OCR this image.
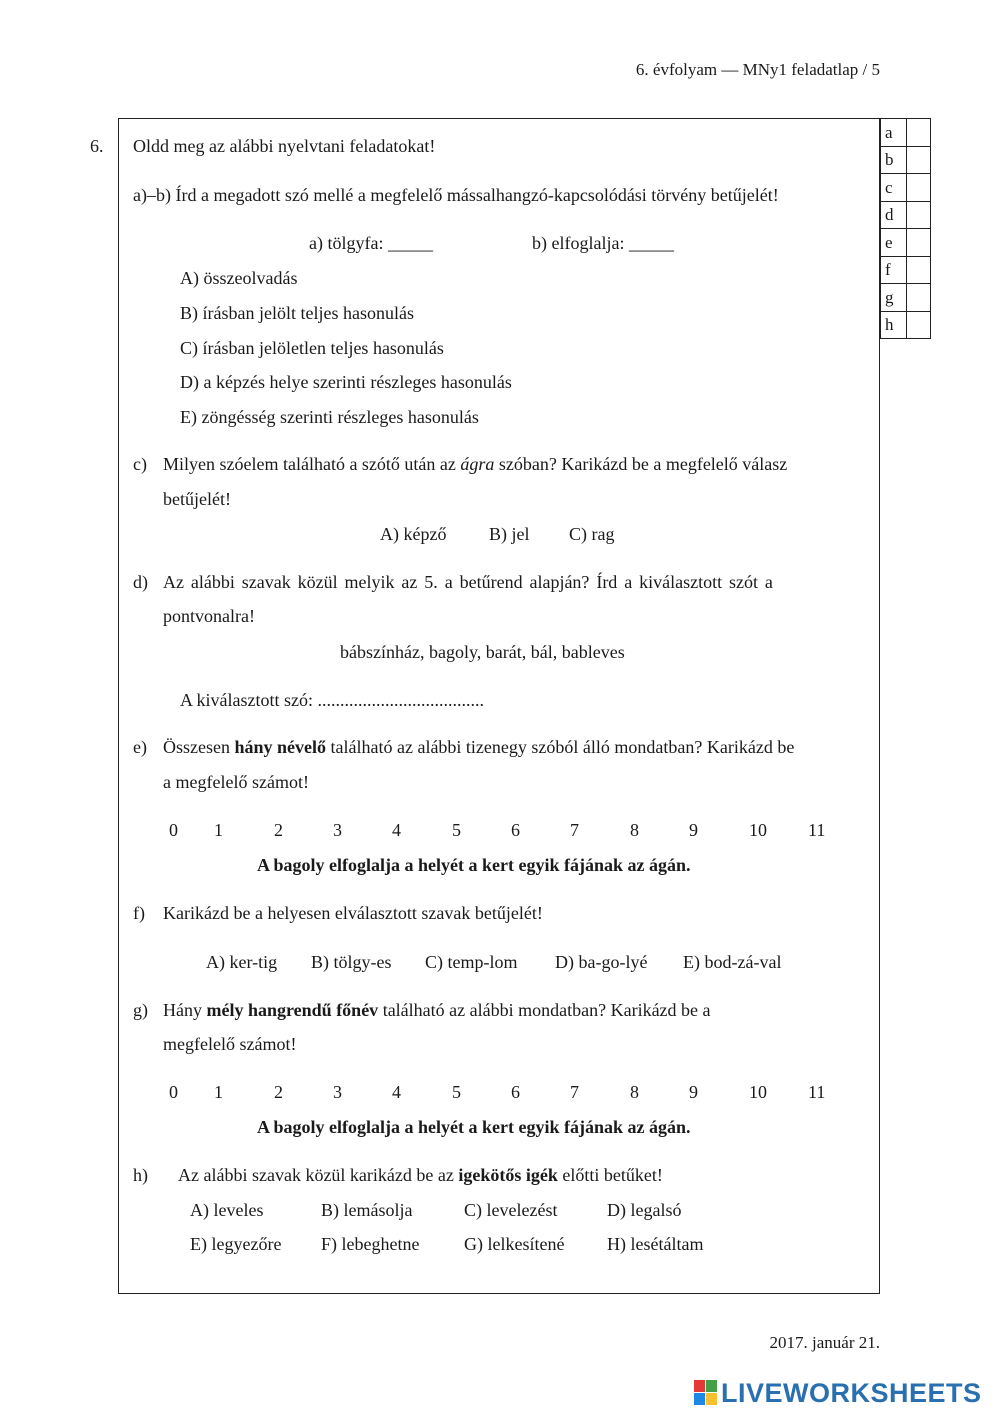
6. évfolyam — MNy1 feladatlap / 5
6.
a	
b	
c	
d	
e	
f	
g	
h	
Oldd meg az alábbi nyelvtani feladatokat!
a)–b) Írd a megadott szó mellé a megfelelő mássalhangzó-kapcsolódási törvény betűjelét!
a) tölgyfa: _____	b) elfoglalja: _____
A) összeolvadás
B) írásban jelölt teljes hasonulás
C) írásban jelöletlen teljes hasonulás
D) a képzés helye szerinti részleges hasonulás
E) zöngésség szerinti részleges hasonulás
c) Milyen szóelem található a szótő után az ágra szóban? Karikázd be a megfelelő válasz
betűjelét!
A) képző B) jel C) rag
d) Az alábbi szavak közül melyik az 5. a betűrend alapján? Írd a kiválasztott szót a
pontvonalra!
bábszínház, bagoly, barát, bál, bableves
A kiválasztott szó: .....................................
e) Összesen hány névelő található az alábbi tizenegy szóból álló mondatban? Karikázd be
a megfelelő számot!
0 1	2	3	4	5	6	7	8	9	10 11
A bagoly elfoglalja a helyét a kert egyik fájának az ágán.
f) Karikázd be a helyesen elválasztott szavak betűjelét!
A) ker-tig B) tölgy-es C) temp-lom D) ba-go-lyé E) bod-zá-val
g) Hány mély hangrendű főnév található az alábbi mondatban? Karikázd be a
megfelelő számot!
0 1	2	3	4	5	6	7	8	9	10 11
A bagoly elfoglalja a helyét a kert egyik fájának az ágán.
h) Az alábbi szavak közül karikázd be az igekötős igék előtti betűket!
A) leveles	B) lemásolja	C) levelezést	D) legalsó
E) legyezőre F) lebeghetne G) lelkesítené H) lesétáltam
2017. január 21.
LIVEWORKSHEETS
